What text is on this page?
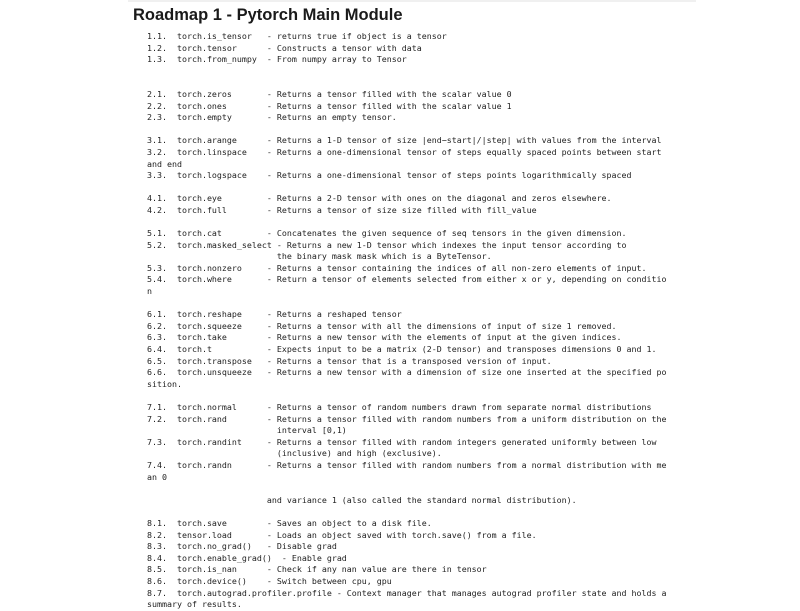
Roadmap 1 - Pytorch Main Module
1.1.  torch.is_tensor   - returns true if object is a tensor
1.2.  torch.tensor      - Constructs a tensor with data
1.3.  torch.from_numpy  - From numpy array to Tensor

2.1.  torch.zeros       - Returns a tensor filled with the scalar value 0
2.2.  torch.ones        - Returns a tensor filled with the scalar value 1
2.3.  torch.empty       - Returns an empty tensor.

3.1.  torch.arange      - Returns a 1-D tensor of size |end−start|/|step| with values from the interval
3.2.  torch.linspace    - Returns a one-dimensional tensor of steps equally spaced points between start
and end
3.3.  torch.logspace    - Returns a one-dimensional tensor of steps points logarithmically spaced

4.1.  torch.eye         - Returns a 2-D tensor with ones on the diagonal and zeros elsewhere.
4.2.  torch.full        - Returns a tensor of size size filled with fill_value

5.1.  torch.cat         - Concatenates the given sequence of seq tensors in the given dimension.
5.2.  torch.masked_select - Returns a new 1-D tensor which indexes the input tensor according to
the binary mask mask which is a ByteTensor.
5.3.  torch.nonzero     - Returns a tensor containing the indices of all non-zero elements of input.
5.4.  torch.where       - Return a tensor of elements selected from either x or y, depending on conditio
n

6.1.  torch.reshape     - Returns a reshaped tensor
6.2.  torch.squeeze     - Returns a tensor with all the dimensions of input of size 1 removed.
6.3.  torch.take        - Returns a new tensor with the elements of input at the given indices.
6.4.  torch.t           - Expects input to be a matrix (2-D tensor) and transposes dimensions 0 and 1.
6.5.  torch.transpose   - Returns a tensor that is a transposed version of input.
6.6.  torch.unsqueeze   - Returns a new tensor with a dimension of size one inserted at the specified po
sition.

7.1.  torch.normal      - Returns a tensor of random numbers drawn from separate normal distributions
7.2.  torch.rand        - Returns a tensor filled with random numbers from a uniform distribution on the
interval [0,1)
7.3.  torch.randint     - Returns a tensor filled with random integers generated uniformly between low
(inclusive) and high (exclusive).
7.4.  torch.randn       - Returns a tensor filled with random numbers from a normal distribution with me
an 0

and variance 1 (also called the standard normal distribution).

8.1.  torch.save        - Saves an object to a disk file.
8.2.  tensor.load       - Loads an object saved with torch.save() from a file.
8.3.  torch.no_grad()   - Disable grad
8.4.  torch.enable_grad()  - Enable grad
8.5.  torch.is_nan      - Check if any nan value are there in tensor
8.6.  torch.device()    - Switch between cpu, gpu
8.7.  torch.autograd.profiler.profile - Context manager that manages autograd profiler state and holds a
summary of results.
